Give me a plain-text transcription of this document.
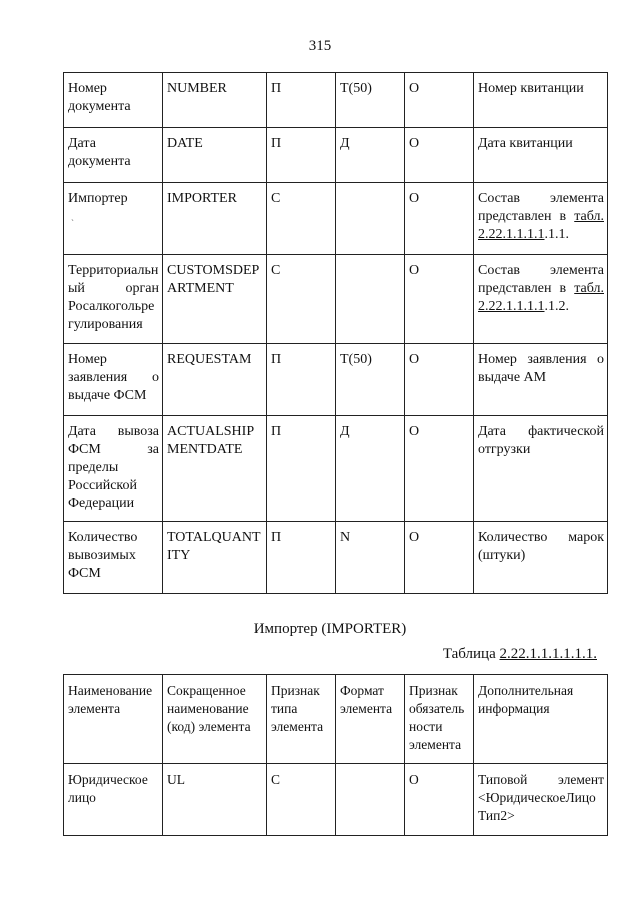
315
Номер документа	NUMBER	П	T(50)	O	Номер квитанции
Дата документа	DATE	П	Д	O	Дата квитанции
Импортер	IMPORTER	С		O	Состав элемента представлен в табл. 2.22.1.1.1.1.1.1.
Территориальный орган Росалкогольрегулирования	CUSTOMSDEPARTMENT	С		O	Состав элемента представлен в табл. 2.22.1.1.1.1.1.2.
Номер заявления о выдаче ФСМ	REQUESTAM	П	T(50)	O	Номер заявления о выдаче АМ
Дата вывоза ФСМ за пределы Российской Федерации	ACTUALSHIPMENTDATE	П	Д	O	Дата фактической отгрузки
Количество вывозимых ФСМ	TOTALQUANTITY	П	N	O	Количество марок (штуки)
`
Импортер (IMPORTER)
Таблица 2.22.1.1.1.1.1.1.
Наименование элемента	Сокращенное наименование (код) элемента	Признак типа элемента	Формат элемента	Признак обязательности элемента	Дополнительная информация
Юридическое лицо	UL	С		O	Типовой элемент <ЮридическоеЛицоТип2>
